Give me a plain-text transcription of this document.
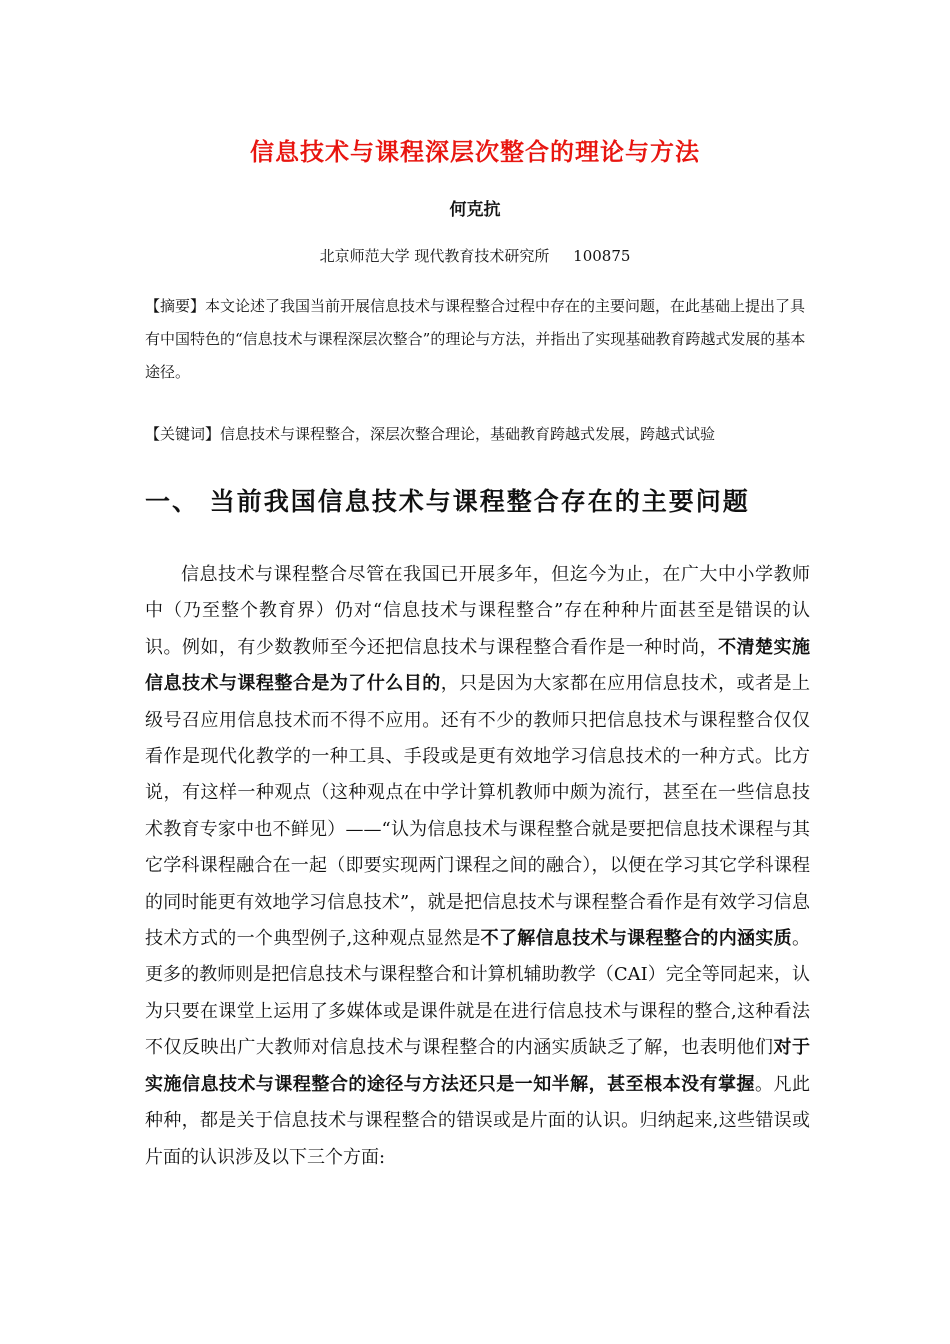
信息技术与课程深层次整合的理论与方法
何克抗
北京师范大学 现代教育技术研究所     100875
【摘要】本文论述了我国当前开展信息技术与课程整合过程中存在的主要问题，在此基础上提出了具有中国特色的“信息技术与课程深层次整合”的理论与方法，并指出了实现基础教育跨越式发展的基本途径。
【关键词】信息技术与课程整合，深层次整合理论，基础教育跨越式发展，跨越式试验
一、 当前我国信息技术与课程整合存在的主要问题

信息技术与课程整合尽管在我国已开展多年，但迄今为止，在广大中小学教师中（乃至整个教育界）仍对“信息技术与课程整合”存在种种片面甚至是错误的认识。例如，有少数教师至今还把信息技术与课程整合看作是一种时尚，不清楚实施信息技术与课程整合是为了什么目的，只是因为大家都在应用信息技术，或者是上级号召应用信息技术而不得不应用。还有不少的教师只把信息技术与课程整合仅仅看作是现代化教学的一种工具、手段或是更有效地学习信息技术的一种方式。比方说，有这样一种观点（这种观点在中学计算机教师中颇为流行，甚至在一些信息技术教育专家中也不鲜见）——“认为信息技术与课程整合就是要把信息技术课程与其它学科课程融合在一起（即要实现两门课程之间的融合），以便在学习其它学科课程的同时能更有效地学习信息技术”，就是把信息技术与课程整合看作是有效学习信息技术方式的一个典型例子,这种观点显然是不了解信息技术与课程整合的内涵实质。更多的教师则是把信息技术与课程整合和计算机辅助教学（CAI）完全等同起来，认为只要在课堂上运用了多媒体或是课件就是在进行信息技术与课程的整合,这种看法不仅反映出广大教师对信息技术与课程整合的内涵实质缺乏了解，也表明他们对于实施信息技术与课程整合的途径与方法还只是一知半解，甚至根本没有掌握。凡此种种，都是关于信息技术与课程整合的错误或是片面的认识。归纳起来,这些错误或片面的认识涉及以下三个方面:
